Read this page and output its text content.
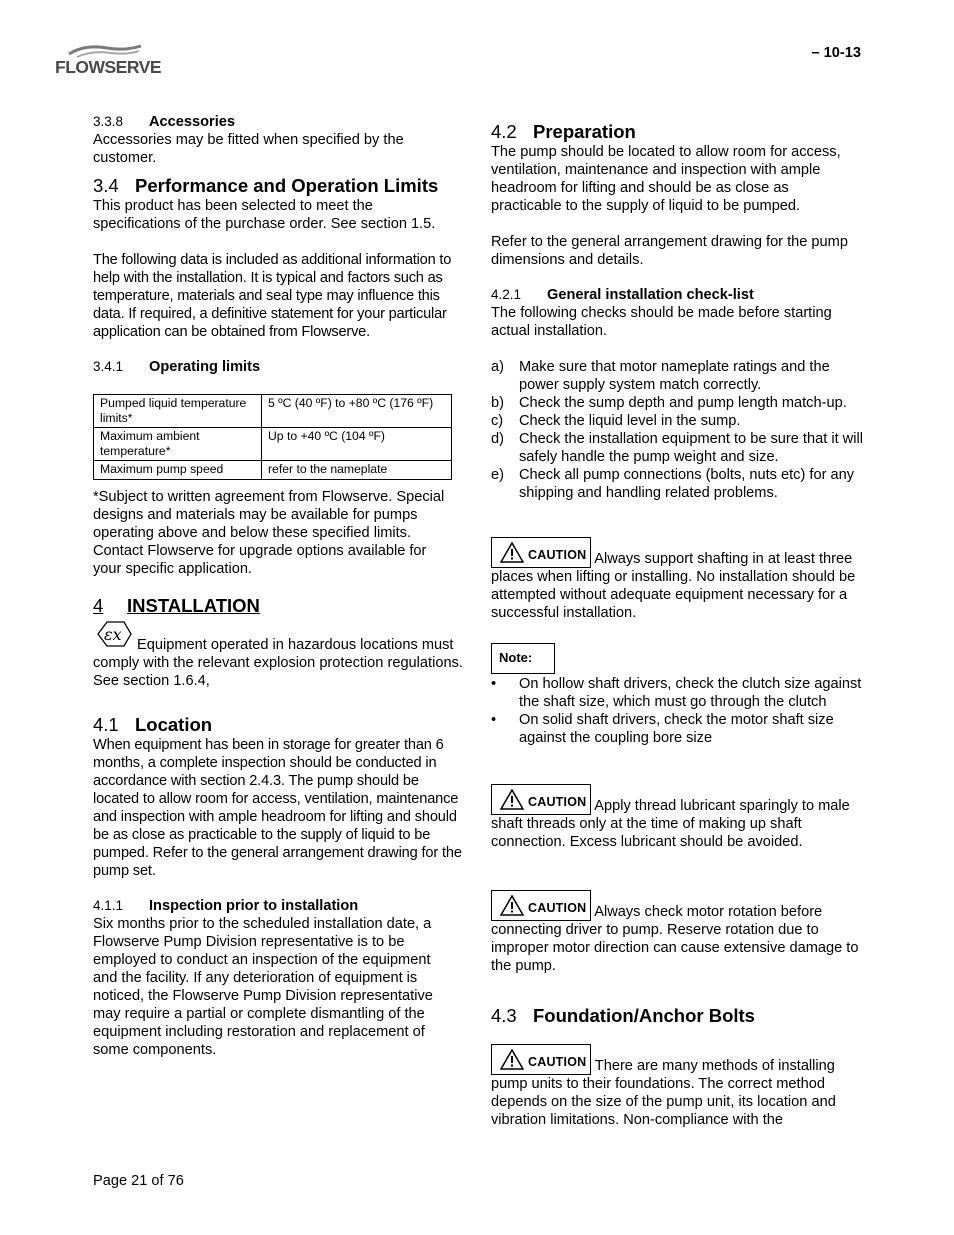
FLOWSERVE
– 10-13

3.3.8 Accessories

Accessories may be fitted when specified by the customer.

3.4 Performance and Operation Limits

This product has been selected to meet the specifications of the purchase order. See section 1.5.

The following data is included as additional information to help with the installation. It is typical and factors such as temperature, materials and seal type may influence this data. If required, a definitive statement for your particular application can be obtained from Flowserve.

3.4.1 Operating limits

Pumped liquid temperature limits*	5 ºC (40 ºF) to +80 ºC (176 ºF)
Maximum ambient temperature*	Up to +40 ºC (104 ºF)
Maximum pump speed	refer to the nameplate

*Subject to written agreement from Flowserve. Special designs and materials may be available for pumps operating above and below these specified limits. Contact Flowserve for upgrade options available for your specific application.

4 INSTALLATION

εx
Equipment operated in hazardous locations must comply with the relevant explosion protection regulations. See section 1.6.4,

4.1 Location

When equipment has been in storage for greater than 6 months, a complete inspection should be conducted in accordance with section 2.4.3. The pump should be located to allow room for access, ventilation, maintenance and inspection with ample headroom for lifting and should be as close as practicable to the supply of liquid to be pumped. Refer to the general arrangement drawing for the pump set.

4.1.1 Inspection prior to installation

Six months prior to the scheduled installation date, a Flowserve Pump Division representative is to be employed to conduct an inspection of the equipment and the facility. If any deterioration of equipment is noticed, the Flowserve Pump Division representative may require a partial or complete dismantling of the equipment including restoration and replacement of some components.

4.2 Preparation

The pump should be located to allow room for access, ventilation, maintenance and inspection with ample headroom for lifting and should be as close as practicable to the supply of liquid to be pumped.

Refer to the general arrangement drawing for the pump dimensions and details.

4.2.1 General installation check-list

The following checks should be made before starting actual installation.

a) Make sure that motor nameplate ratings and the power supply system match correctly.
b) Check the sump depth and pump length match-up.
c) Check the liquid level in the sump.
d) Check the installation equipment to be sure that it will safely handle the pump weight and size.
e) Check all pump connections (bolts, nuts etc) for any shipping and handling related problems.

CAUTION Always support shafting in at least three places when lifting or installing. No installation should be attempted without adequate equipment necessary for a successful installation.

Note:
• On hollow shaft drivers, check the clutch size against the shaft size, which must go through the clutch
• On solid shaft drivers, check the motor shaft size against the coupling bore size

CAUTION Apply thread lubricant sparingly to male shaft threads only at the time of making up shaft connection. Excess lubricant should be avoided.

CAUTION Always check motor rotation before connecting driver to pump. Reserve rotation due to improper motor direction can cause extensive damage to the pump.

4.3 Foundation/Anchor Bolts

CAUTION There are many methods of installing pump units to their foundations. The correct method depends on the size of the pump unit, its location and vibration limitations. Non-compliance with the

Page 21 of 76
